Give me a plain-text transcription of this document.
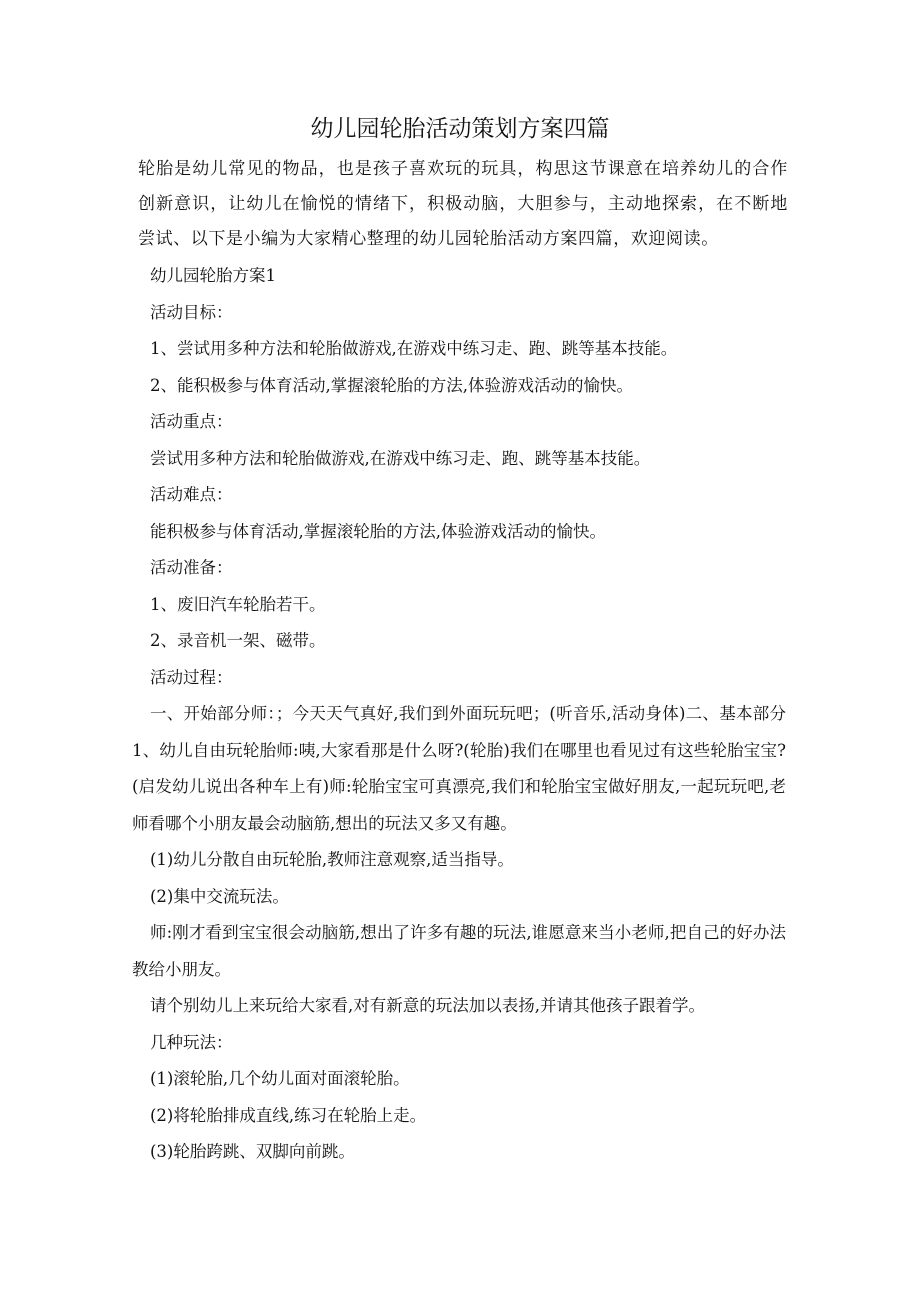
幼儿园轮胎活动策划方案四篇
轮胎是幼儿常见的物品，也是孩子喜欢玩的玩具，构思这节课意在培养幼儿的合作创新意识，让幼儿在愉悦的情绪下，积极动脑，大胆参与，主动地探索，在不断地尝试、以下是小编为大家精心整理的幼儿园轮胎活动方案四篇，欢迎阅读。

幼儿园轮胎方案1

活动目标：

1、尝试用多种方法和轮胎做游戏,在游戏中练习走、跑、跳等基本技能。

2、能积极参与体育活动,掌握滚轮胎的方法,体验游戏活动的愉快。

活动重点：

尝试用多种方法和轮胎做游戏,在游戏中练习走、跑、跳等基本技能。

活动难点：

能积极参与体育活动,掌握滚轮胎的方法,体验游戏活动的愉快。

活动准备：

1、废旧汽车轮胎若干。

2、录音机一架、磁带。

活动过程：

一、开始部分师：；今天天气真好,我们到外面玩玩吧；(听音乐,活动身体)二、基本部分1、幼儿自由玩轮胎师:咦,大家看那是什么呀?(轮胎)我们在哪里也看见过有这些轮胎宝宝?(启发幼儿说出各种车上有)师:轮胎宝宝可真漂亮,我们和轮胎宝宝做好朋友,一起玩玩吧,老师看哪个小朋友最会动脑筋,想出的玩法又多又有趣。

(1)幼儿分散自由玩轮胎,教师注意观察,适当指导。

(2)集中交流玩法。

师:刚才看到宝宝很会动脑筋,想出了许多有趣的玩法,谁愿意来当小老师,把自己的好办法教给小朋友。

请个别幼儿上来玩给大家看,对有新意的玩法加以表扬,并请其他孩子跟着学。

几种玩法：

(1)滚轮胎,几个幼儿面对面滚轮胎。

(2)将轮胎排成直线,练习在轮胎上走。

(3)轮胎跨跳、双脚向前跳。
